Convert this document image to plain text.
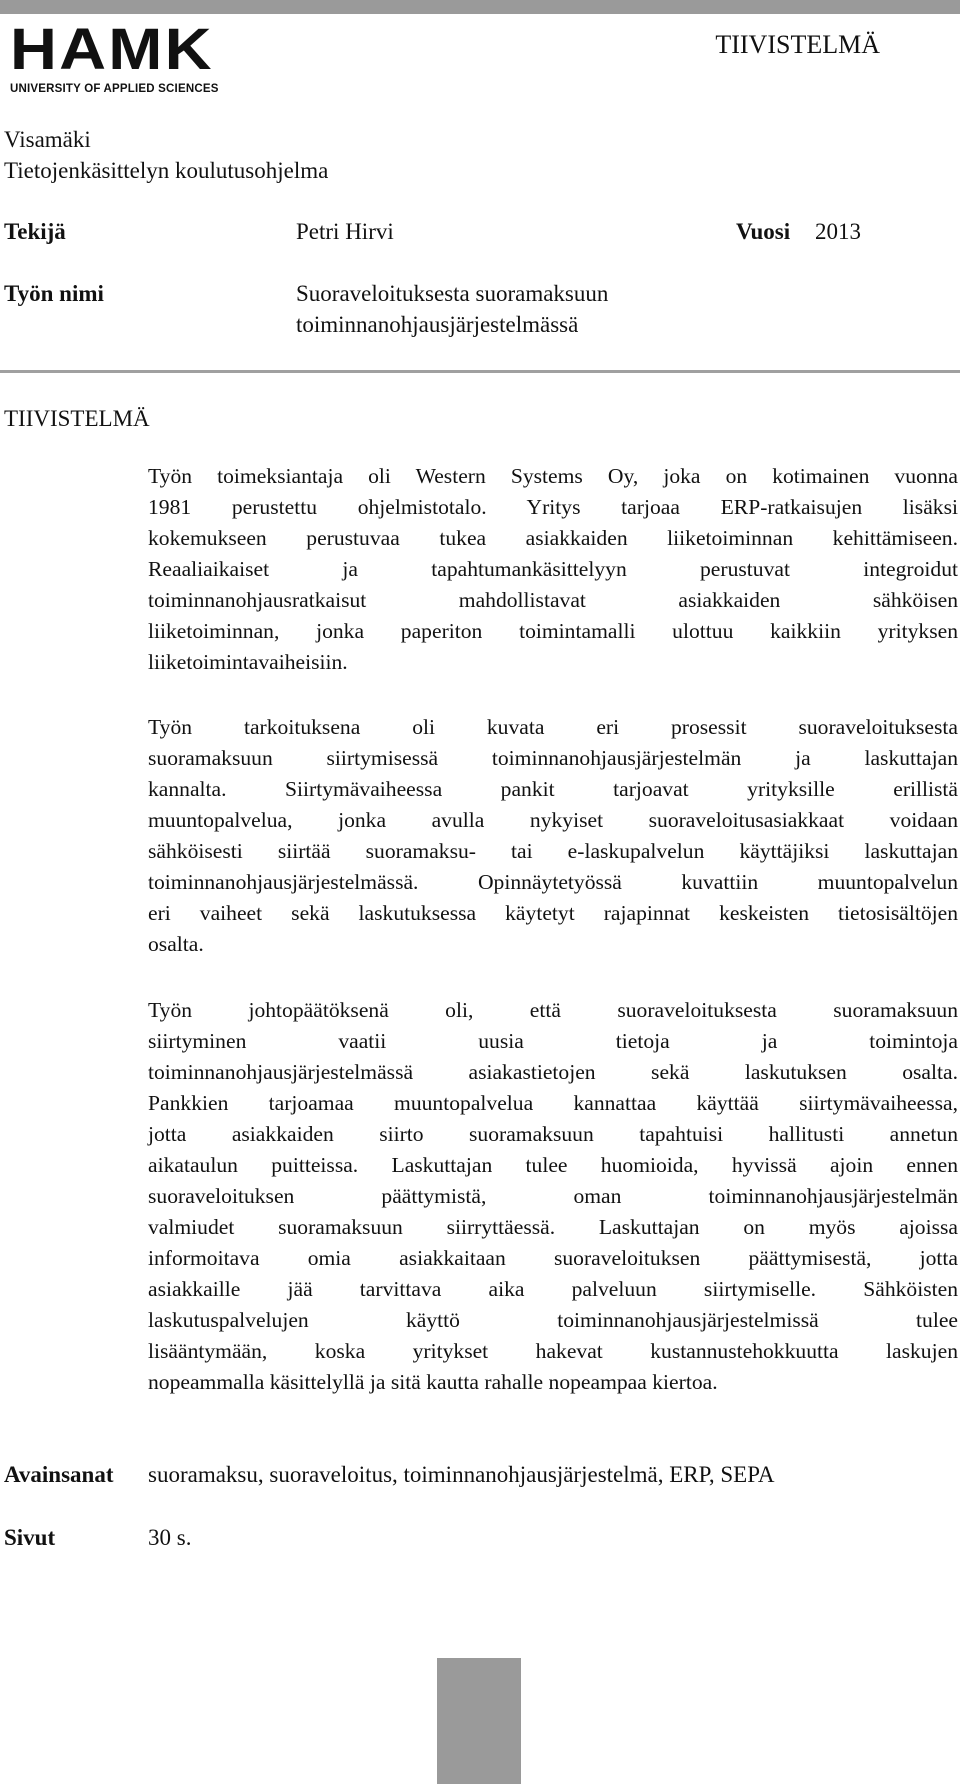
HAMK
UNIVERSITY OF APPLIED SCIENCES
TIIVISTELMÄ
Visamäki
Tietojenkäsittelyn koulutusohjelma
Tekijä	Petri Hirvi	Vuosi 2013
Työn nimi	Suoraveloituksesta suoramaksuun
toiminnanohjausjärjestelmässä
TIIVISTELMÄ
Työn toimeksiantaja oli Western Systems Oy, joka on kotimainen vuonna
1981 perustettu ohjelmistotalo. Yritys tarjoaa ERP-ratkaisujen lisäksi
kokemukseen perustuvaa tukea asiakkaiden liiketoiminnan kehittämiseen.
Reaaliaikaiset ja tapahtumankäsittelyyn perustuvat integroidut
toiminnanohjausratkaisut mahdollistavat asiakkaiden sähköisen
liiketoiminnan, jonka paperiton toimintamalli ulottuu kaikkiin yrityksen
liiketoimintavaiheisiin.
Työn tarkoituksena oli kuvata eri prosessit suoraveloituksesta
suoramaksuun siirtymisessä toiminnanohjausjärjestelmän ja laskuttajan
kannalta. Siirtymävaiheessa pankit tarjoavat yrityksille erillistä
muuntopalvelua, jonka avulla nykyiset suoraveloitusasiakkaat voidaan
sähköisesti siirtää suoramaksu- tai e-laskupalvelun käyttäjiksi laskuttajan
toiminnanohjausjärjestelmässä. Opinnäytetyössä kuvattiin muuntopalvelun
eri vaiheet sekä laskutuksessa käytetyt rajapinnat keskeisten tietosisältöjen
osalta.
Työn johtopäätöksenä oli, että suoraveloituksesta suoramaksuun
siirtyminen vaatii uusia tietoja ja toimintoja
toiminnanohjausjärjestelmässä asiakastietojen sekä laskutuksen osalta.
Pankkien tarjoamaa muuntopalvelua kannattaa käyttää siirtymävaiheessa,
jotta asiakkaiden siirto suoramaksuun tapahtuisi hallitusti annetun
aikataulun puitteissa. Laskuttajan tulee huomioida, hyvissä ajoin ennen
suoraveloituksen päättymistä, oman toiminnanohjausjärjestelmän
valmiudet suoramaksuun siirryttäessä. Laskuttajan on myös ajoissa
informoitava omia asiakkaitaan suoraveloituksen päättymisestä, jotta
asiakkaille jää tarvittava aika palveluun siirtymiselle. Sähköisten
laskutuspalvelujen käyttö toiminnanohjausjärjestelmissä tulee
lisääntymään, koska yritykset hakevat kustannustehokkuutta laskujen
nopeammalla käsittelyllä ja sitä kautta rahalle nopeampaa kiertoa.
Avainsanat suoramaksu, suoraveloitus, toiminnanohjausjärjestelmä, ERP, SEPA
Sivut	30 s.
